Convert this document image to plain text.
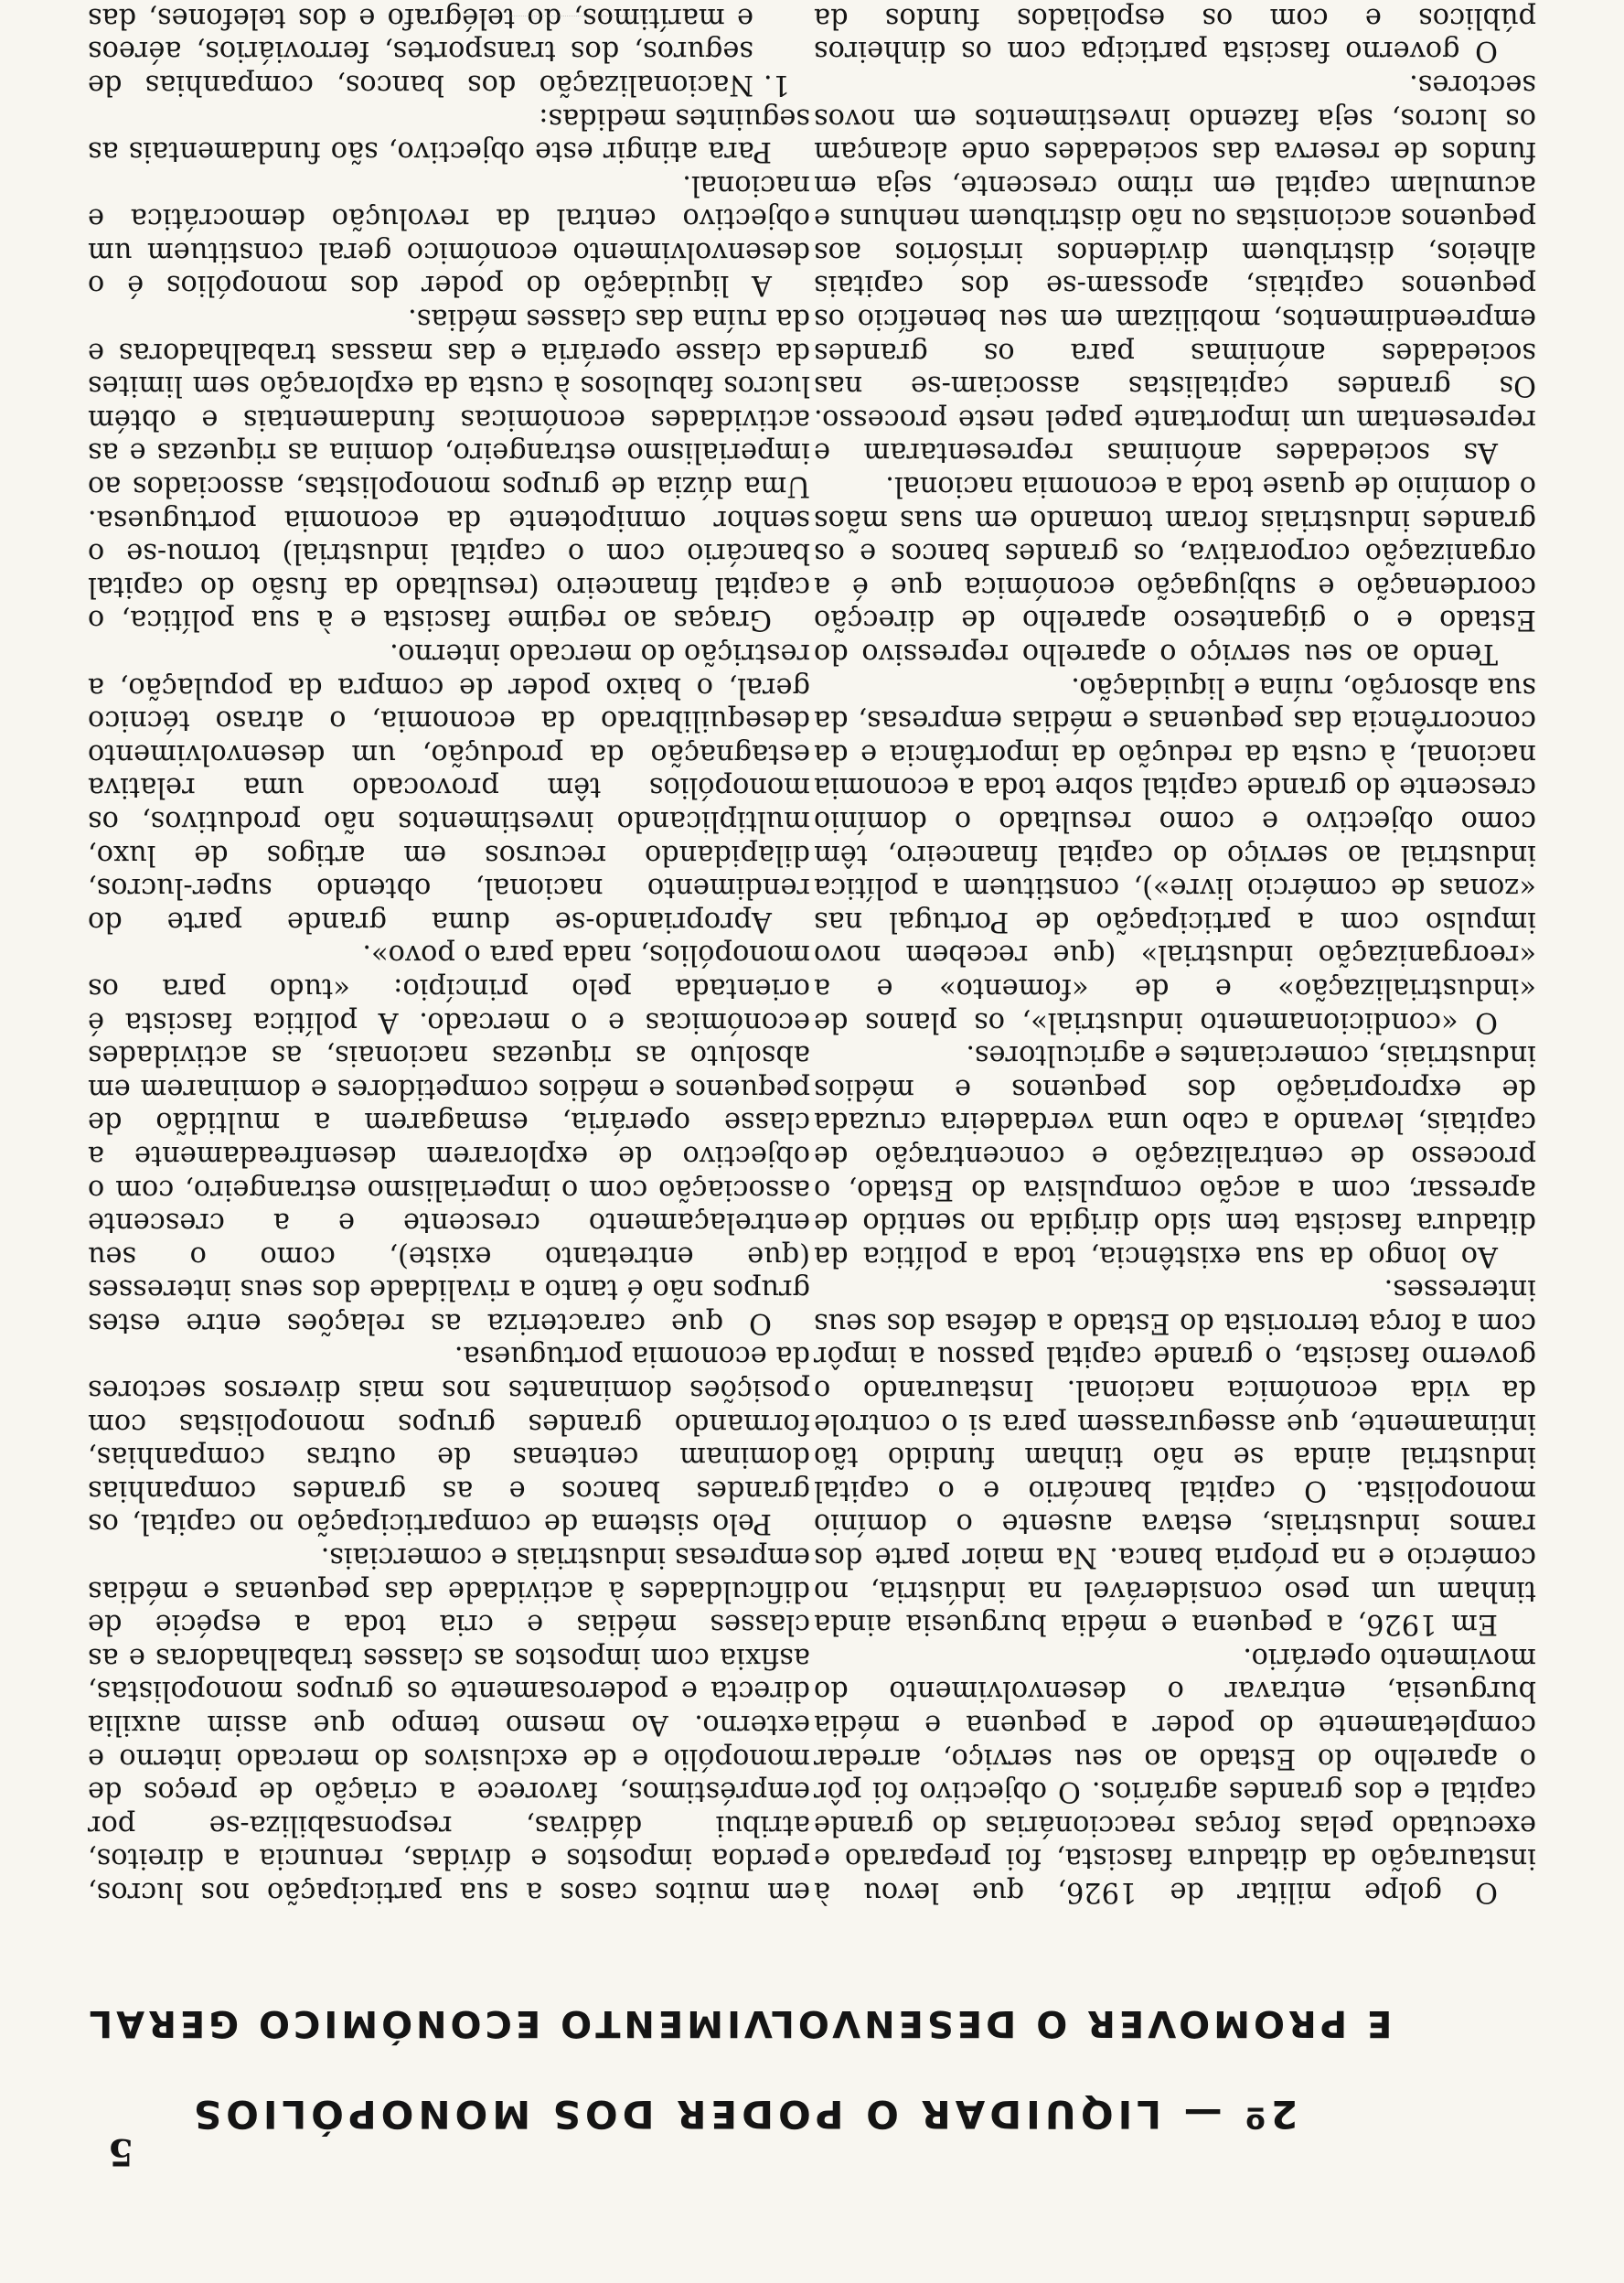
5

2º — LIQUIDAR O PODER DOS MONOPÓLIOS
E PROMOVER O DESENVOLVIMENTO ECONÓMICO GERAL

O golpe militar de 1926, que levou à instauração da ditadura fascista, foi preparado e executado pelas forças reaccionárias do grande capital e dos grandes agrários. O objectivo foi pôr o aparelho do Estado ao seu serviço, arredar completamente do poder a pequena e média burguesia, entravar o desenvolvimento do movimento operário.

Em 1926, a pequena e média burguesia ainda tinham um peso considerável na indústria, no comércio e na própria banca. Na maior parte dos ramos industriais, estava ausente o domínio monopolista. O capital bancário e o capital industrial ainda se não tinham fundido tão intimamente, que assegurassem para si o controle da vida económica nacional. Instaurando o governo fascista, o grande capital passou a impôr com a força terrorista do Estado a defesa dos seus interesses.

Ao longo da sua existência, toda a política da ditadura fascista tem sido dirigida no sentido de apressar, com a acção compulsiva do Estado, o processo de centralização e concentração de capitais, levando a cabo uma verdadeira cruzada de expropriação dos pequenos e médios industriais, comerciantes e agricultores.

O «condicionamento industrial», os planos de «industrialização» e de «fomento» e a «reorganização industrial» (que recebem novo impulso com a participação de Portugal nas «zonas de comércio livre»), constituem a política industrial ao serviço do capital financeiro, têm como objectivo e como resultado o domínio crescente do grande capital sobre toda a economia nacional, à custa da redução da importância e da concorrência das pequenas e médias empresas, da sua absorção, ruína e liquidação.

Tendo ao seu serviço o aparelho repressivo do Estado e o gigantesco aparelho de direcção coordenação e subjugação económica que é a organização corporativa, os grandes bancos e os grandes industriais foram tomando em suas mãos o domínio de quase toda a economia nacional.

As sociedades anónimas representaram e representam um importante papel neste processo. Os grandes capitalistas associam-se nas sociedades anónimas para os grandes empreendimentos, mobilizam em seu benefício os pequenos capitais, apossam-se dos capitais alheios, distribuem dividendos irrisórios aos pequenos accionistas ou não distribuem nenhuns e acumulam capital em ritmo crescente, seja em fundos de reserva das sociedades onde alcançam os lucros, seja fazendo investimentos em novos sectores.

O governo fascista participa com os dinheiros públicos e com os espoliados fundos da

em muitos casos a sua participação nos lucros, perdoa impostos e dívidas, renuncia a direitos, atribui dádivas, responsabiliza-se por empréstimos, favorece a criação de preços de monopólio e de exclusivos do mercado interno e externo. Ao mesmo tempo que assim auxilia directa e poderosamente os grupos monopolistas, asfixia com impostos as classes trabalhadoras e as classes médias e cria toda a espécie de dificuldades à actividade das pequenas e médias empresas industriais e comerciais.

Pelo sistema de comparticipação no capital, os grandes bancos e as grandes companhias dominam centenas de outras companhias, formando grandes grupos monopolistas com posições dominantes nos mais diversos sectores da economia portuguesa.

O que caracteriza as relações entre estes grupos não é tanto a rivalidade dos seus interesses (que entretanto existe), como o seu entrelaçamento crescente e a crescente associação com o imperialismo estrangeiro, com o objectivo de explorarem desenfreadamente a classe operária, esmagarem a multidão de pequenos e médios competidores e dominarem em absoluto as riquezas nacionais, as actividades económicas e o mercado. A política fascista é orientada pelo princípio: «tudo para os monopólios, nada para o povo».

Apropriando-se duma grande parte do rendimento nacional, obtendo super-lucros, dilapidando recursos em artigos de luxo, multiplicando investimentos não produtivos, os monopólios têm provocado uma relativa estagnação da produção, um desenvolvimento desequilibrado da economia, o atraso técnico geral, o baixo poder de compra da população, a restrição do mercado interno.

Graças ao regime fascista e à sua política, o capital financeiro (resultado da fusão do capital bancário com o capital industrial) tornou-se o senhor omnipotente da economia portuguesa. Uma dúzia de grupos monopolistas, associados ao imperialismo estrangeiro, domina as riquezas e as actividades económicas fundamentais e obtém lucros fabulosos à custa da exploração sem limites da classe operária e das massas trabalhadoras e da ruína das classes médias.

A liquidação do poder dos monopólios é o desenvolvimento económico geral constituem um objectivo central da revolução democrática e nacional.

Para atingir este objectivo, são fundamentais as seguintes medidas:

1.Nacionalização dos bancos, companhias de seguros, dos transportes, ferroviários, aéreos e marítimos, do telégrafo e dos telefones, das
